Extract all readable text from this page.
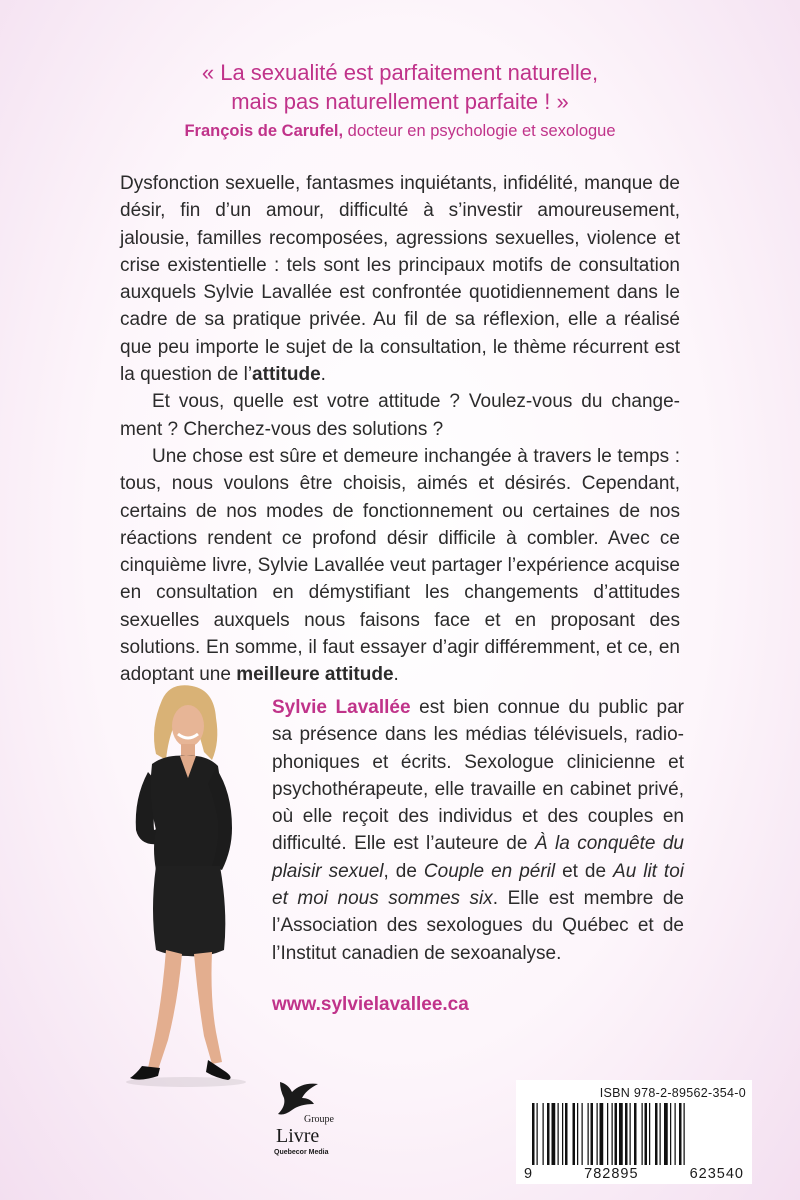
« La sexualité est parfaitement naturelle,
mais pas naturellement parfaite ! »
François de Carufel, docteur en psychologie et sexologue

Dysfonction sexuelle, fantasmes inquiétants, infidélité, manque de désir, fin d’un amour, difficulté à s’investir amoureusement, jalousie, familles recomposées, agressions sexuelles, violence et crise existentielle : tels sont les principaux motifs de consultation auxquels Sylvie Lavallée est confrontée quotidiennement dans le cadre de sa pratique privée. Au fil de sa réflexion, elle a réalisé que peu importe le sujet de la consultation, le thème récurrent est la question de l’attitude.

Et vous, quelle est votre attitude ? Voulez-vous du changement ? Cherchez-vous des solutions ?

Une chose est sûre et demeure inchangée à travers le temps : tous, nous voulons être choisis, aimés et désirés. Cependant, certains de nos modes de fonctionnement ou certaines de nos réactions rendent ce profond désir difficile à combler. Avec ce cinquième livre, Sylvie Lavallée veut partager l’expérience acquise en consultation en démystifiant les changements d’attitudes sexuelles auxquels nous faisons face et en proposant des solutions. En somme, il faut essayer d’agir différemment, et ce, en adoptant une meilleure attitude.

Sylvie Lavallée est bien connue du public par sa présence dans les médias télévisuels, radiophoniques et écrits. Sexologue clinicienne et psychothérapeute, elle travaille en cabinet privé, où elle reçoit des individus et des couples en difficulté. Elle est l’auteure de À la conquête du plaisir sexuel, de Couple en péril et de Au lit toi et moi nous sommes six. Elle est membre de l’Association des sexologues du Québec et de l’Institut canadien de sexoanalyse.
www.sylvielavallee.ca
Groupe
Livre
Quebecor Media
ISBN 978-2-89562-354-0
9	782895	623540
